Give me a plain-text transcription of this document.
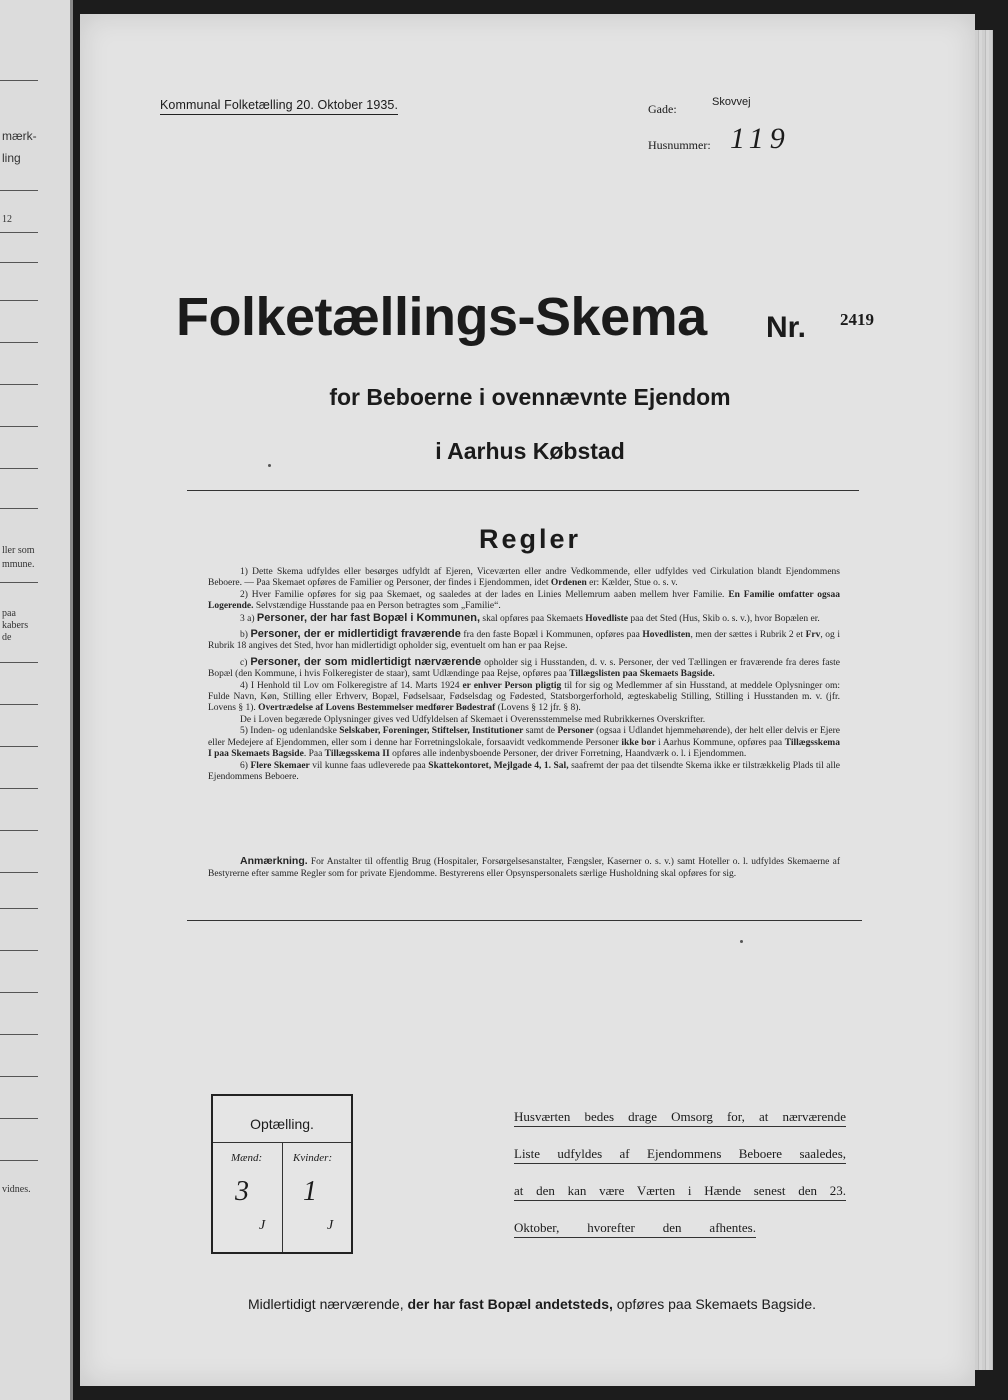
mærk-
ling
12
ller som
mmune.
paa
kabers
de
vidnes.
Kommunal Folketælling 20. Oktober 1935.	Gade:	Skovvej
Husnummer: 119
Folketællings-Skema	Nr. 2419
for Beboerne i ovennævnte Ejendom
i Aarhus Købstad
Regler

1) Dette Skema udfyldes eller besørges udfyldt af Ejeren, Viceværten eller andre Vedkommende, eller udfyldes ved Cirkulation blandt Ejendommens Beboere. — Paa Skemaet opføres de Familier og Personer, der findes i Ejendommen, idet Ordenen er: Kælder, Stue o. s. v.

2) Hver Familie opføres for sig paa Skemaet, og saaledes at der lades en Linies Mellemrum aaben mellem hver Familie. En Familie omfatter ogsaa Logerende. Selvstændige Husstande paa en Person betragtes som „Familie“.

3 a) Personer, der har fast Bopæl i Kommunen, skal opføres paa Skemaets Hovedliste paa det Sted (Hus, Skib o. s. v.), hvor Bopælen er.

b) Personer, der er midlertidigt fraværende fra den faste Bopæl i Kommunen, opføres paa Hovedlisten, men der sættes i Rubrik 2 et Frv, og i Rubrik 18 angives det Sted, hvor han midlertidigt opholder sig, eventuelt om han er paa Rejse.

c) Personer, der som midlertidigt nærværende opholder sig i Husstanden, d. v. s. Personer, der ved Tællingen er fraværende fra deres faste Bopæl (den Kommune, i hvis Folkeregister de staar), samt Udlændinge paa Rejse, opføres paa Tillægslisten paa Skemaets Bagside.

4) I Henhold til Lov om Folkeregistre af 14. Marts 1924 er enhver Person pligtig til for sig og Medlemmer af sin Husstand, at meddele Oplysninger om: Fulde Navn, Køn, Stilling eller Erhverv, Bopæl, Fødselsaar, Fødselsdag og Fødested, Statsborgerforhold, ægteskabelig Stilling, Stilling i Husstanden m. v. (jfr. Lovens § 1). Overtrædelse af Lovens Bestemmelser medfører Bødestraf (Lovens § 12 jfr. § 8).

De i Loven begærede Oplysninger gives ved Udfyldelsen af Skemaet i Overensstemmelse med Rubrikkernes Overskrifter.

5) Inden- og udenlandske Selskaber, Foreninger, Stiftelser, Institutioner samt de Personer (ogsaa i Udlandet hjemmehørende), der helt eller delvis er Ejere eller Medejere af Ejendommen, eller som i denne har Forretningslokale, forsaavidt vedkommende Personer ikke bor i Aarhus Kommune, opføres paa Tillægsskema I paa Skemaets Bagside. Paa Tillægsskema II opføres alle indenbysboende Personer, der driver Forretning, Haandværk o. l. i Ejendommen.

6) Flere Skemaer vil kunne faas udleverede paa Skattekontoret, Mejlgade 4, 1. Sal, saafremt der paa det tilsendte Skema ikke er tilstrækkelig Plads til alle Ejendommens Beboere.

Anmærkning. For Anstalter til offentlig Brug (Hospitaler, Forsørgelsesanstalter, Fængsler, Kaserner o. s. v.) samt Hoteller o. l. udfyldes Skemaerne af Bestyrerne efter samme Regler som for private Ejendomme. Bestyrerens eller Opsynspersonalets særlige Husholdning skal opføres for sig.

Optælling.
Mænd:	Kvinder:
3 1
J	J
Husværten bedes drage Omsorg for, at nærværende
Liste udfyldes af Ejendommens Beboere saaledes,
at den kan være Værten i Hænde senest den 23.
Oktober, hvorefter den afhentes.
Midlertidigt nærværende, der har fast Bopæl andetsteds, opføres paa Skemaets Bagside.
